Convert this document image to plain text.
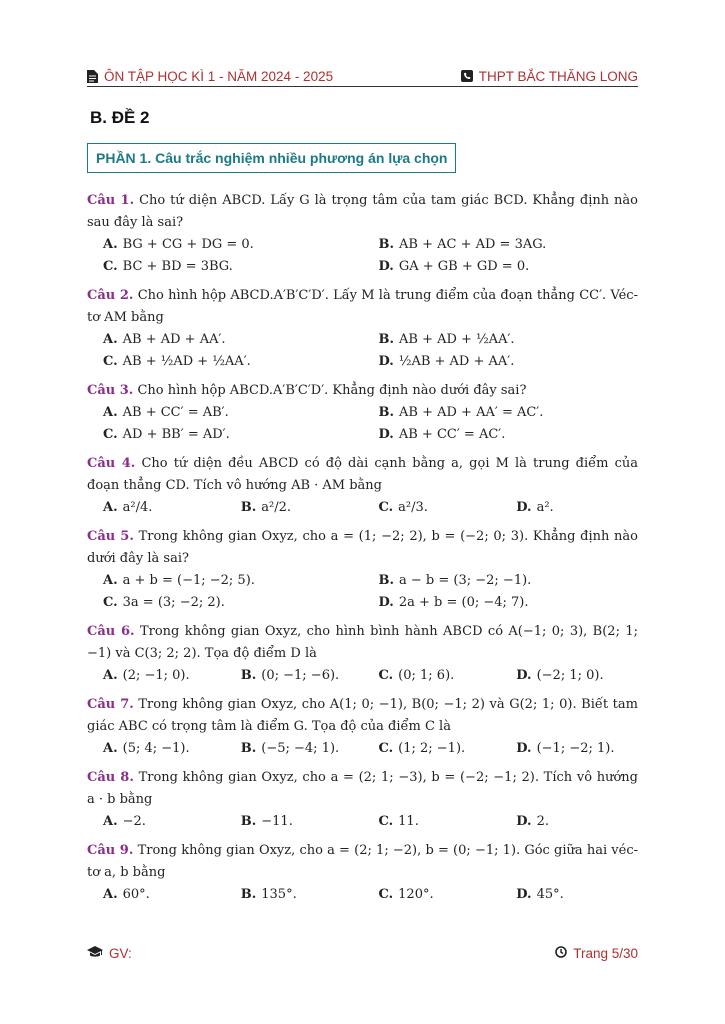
ÔN TẬP HỌC KÌ 1 - NĂM 2024 - 2025	THPT BẮC THĂNG LONG
B. ĐỀ 2
PHẦN 1. Câu trắc nghiệm nhiều phương án lựa chọn
Câu 1. Cho tứ diện ABCD. Lấy G là trọng tâm của tam giác BCD. Khẳng định nào sau đây là sai?
A. BG + CG + DG = 0.	B. AB + AC + AD = 3AG.
C. BC + BD = 3BG.	D. GA + GB + GD = 0.
Câu 2. Cho hình hộp ABCD.A′B′C′D′. Lấy M là trung điểm của đoạn thẳng CC′. Véc-tơ AM bằng
A. AB + AD + AA′.	B. AB + AD + ½AA′.
C. AB + ½AD + ½AA′.	D. ½AB + AD + AA′.
Câu 3. Cho hình hộp ABCD.A′B′C′D′. Khẳng định nào dưới đây sai?
A. AB + CC′ = AB′.	B. AB + AD + AA′ = AC′.
C. AD + BB′ = AD′.	D. AB + CC′ = AC′.
Câu 4. Cho tứ diện đều ABCD có độ dài cạnh bằng a, gọi M là trung điểm của đoạn thẳng CD. Tích vô hướng AB · AM bằng
A. a²/4.	B. a²/2.	C. a²/3.	D. a².
Câu 5. Trong không gian Oxyz, cho a = (1; −2; 2), b = (−2; 0; 3). Khẳng định nào dưới đây là sai?
A. a + b = (−1; −2; 5).	B. a − b = (3; −2; −1).
C. 3a = (3; −2; 2).	D. 2a + b = (0; −4; 7).
Câu 6. Trong không gian Oxyz, cho hình bình hành ABCD có A(−1; 0; 3), B(2; 1; −1) và C(3; 2; 2). Tọa độ điểm D là
A. (2; −1; 0).	B. (0; −1; −6).	C. (0; 1; 6).	D. (−2; 1; 0).
Câu 7. Trong không gian Oxyz, cho A(1; 0; −1), B(0; −1; 2) và G(2; 1; 0). Biết tam giác ABC có trọng tâm là điểm G. Tọa độ của điểm C là
A. (5; 4; −1).	B. (−5; −4; 1).	C. (1; 2; −1).	D. (−1; −2; 1).
Câu 8. Trong không gian Oxyz, cho a = (2; 1; −3), b = (−2; −1; 2). Tích vô hướng a · b bằng
A. −2.	B. −11.	C. 11.	D. 2.
Câu 9. Trong không gian Oxyz, cho a = (2; 1; −2), b = (0; −1; 1). Góc giữa hai véc-tơ a, b bằng
A. 60°.	B. 135°.	C. 120°.	D. 45°.
GV:	Trang 5/30
